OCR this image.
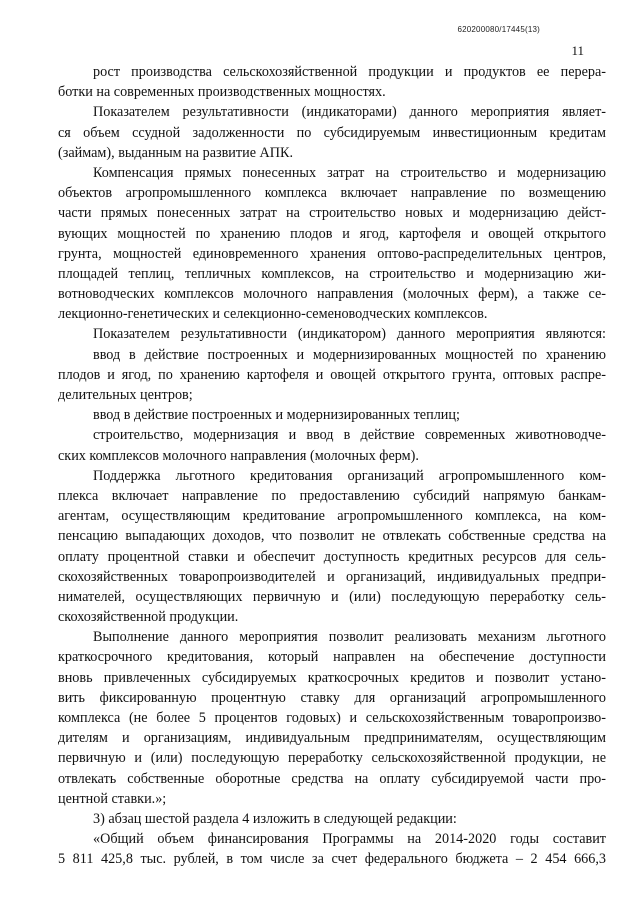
620200080/17445(13)
11
рост производства сельскохозяйственной продукции и продуктов ее перера-
ботки на современных производственных мощностях.
Показателем результативности (индикаторами) данного мероприятия являет-
ся объем ссудной задолженности по субсидируемым инвестиционным кредитам
(займам), выданным на развитие АПК.
Компенсация прямых понесенных затрат на строительство и модернизацию
объектов агропромышленного комплекса включает направление по возмещению
части прямых понесенных затрат на строительство новых и модернизацию дейст-
вующих мощностей по хранению плодов и ягод, картофеля и овощей открытого
грунта, мощностей единовременного хранения оптово-распределительных центров,
площадей теплиц, тепличных комплексов, на строительство и модернизацию жи-
вотноводческих комплексов молочного направления (молочных ферм), а также се-
лекционно-генетических и селекционно-семеноводческих комплексов.
Показателем результативности (индикатором) данного мероприятия являются:
ввод в действие построенных и модернизированных мощностей по хранению
плодов и ягод, по хранению картофеля и овощей открытого грунта, оптовых распре-
делительных центров;
ввод в действие построенных и модернизированных теплиц;
строительство, модернизация и ввод в действие современных животноводче-
ских комплексов молочного направления (молочных ферм).
Поддержка льготного кредитования организаций агропромышленного ком-
плекса включает направление по предоставлению субсидий напрямую банкам-
агентам, осуществляющим кредитование агропромышленного комплекса, на ком-
пенсацию выпадающих доходов, что позволит не отвлекать собственные средства на
оплату процентной ставки и обеспечит доступность кредитных ресурсов для сель-
скохозяйственных товаропроизводителей и организаций, индивидуальных предпри-
нимателей, осуществляющих первичную и (или) последующую переработку сель-
скохозяйственной продукции.
Выполнение данного мероприятия позволит реализовать механизм льготного
краткосрочного кредитования, который направлен на обеспечение доступности
вновь привлеченных субсидируемых краткосрочных кредитов и позволит устано-
вить фиксированную процентную ставку для организаций агропромышленного
комплекса (не более 5 процентов годовых) и сельскохозяйственным товаропроизво-
дителям и организациям, индивидуальным предпринимателям, осуществляющим
первичную и (или) последующую переработку сельскохозяйственной продукции, не
отвлекать собственные оборотные средства на оплату субсидируемой части про-
центной ставки.»;
3) абзац шестой раздела 4 изложить в следующей редакции:
«Общий объем финансирования Программы на 2014-2020 годы составит
5 811 425,8 тыс. рублей, в том числе за счет федерального бюджета – 2 454 666,3
